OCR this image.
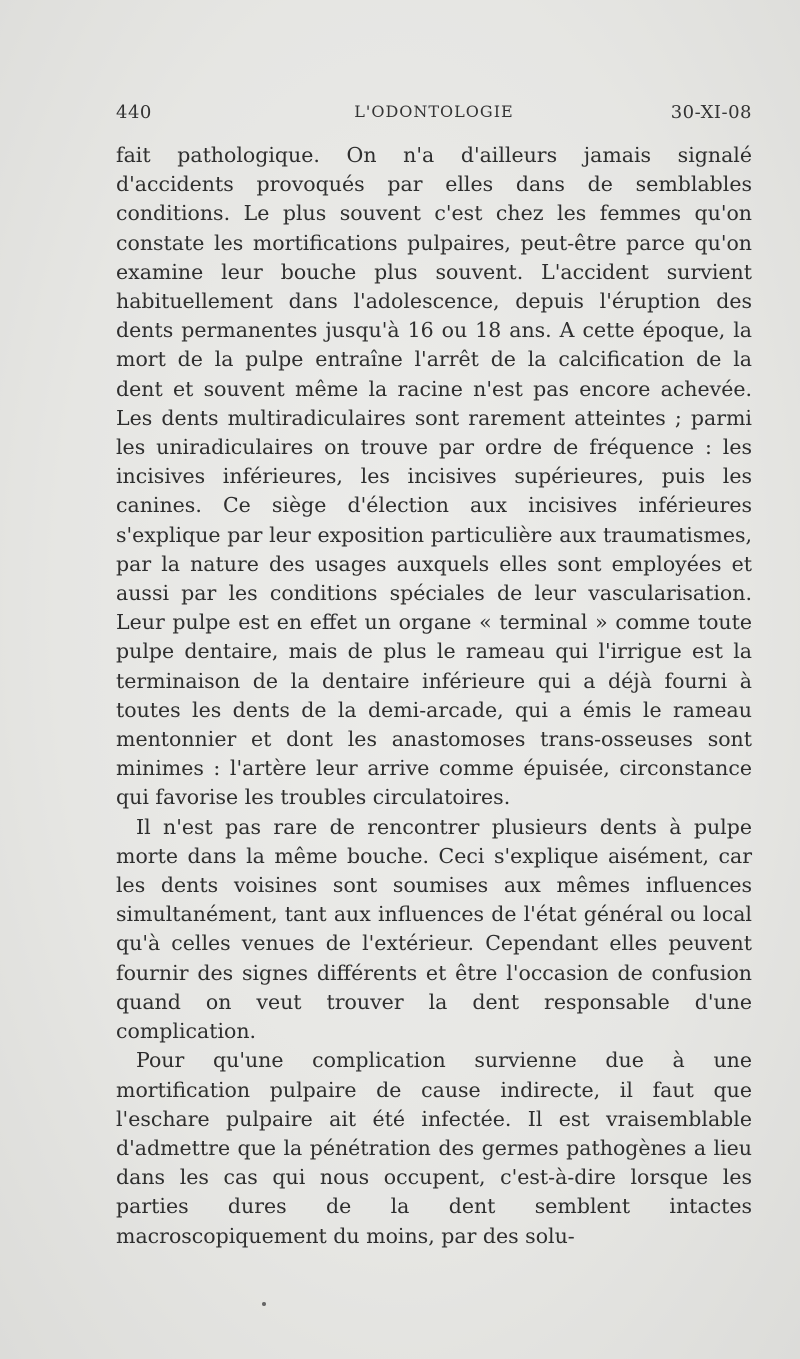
440	L'ODONTOLOGIE	30-XI-08

fait pathologique. On n'a d'ailleurs jamais signalé d'accidents provoqués par elles dans de semblables conditions. Le plus souvent c'est chez les femmes qu'on constate les mortifications pulpaires, peut-être parce qu'on examine leur bouche plus souvent. L'accident survient habituellement dans l'adolescence, depuis l'éruption des dents permanentes jusqu'à 16 ou 18 ans. A cette époque, la mort de la pulpe entraîne l'arrêt de la calcification de la dent et souvent même la racine n'est pas encore achevée. Les dents multiradiculaires sont rarement atteintes ; parmi les uniradiculaires on trouve par ordre de fréquence : les incisives inférieures, les incisives supérieures, puis les canines. Ce siège d'élection aux incisives inférieures s'explique par leur exposition particulière aux traumatismes, par la nature des usages auxquels elles sont employées et aussi par les conditions spéciales de leur vascularisation. Leur pulpe est en effet un organe « terminal » comme toute pulpe dentaire, mais de plus le rameau qui l'irrigue est la terminaison de la dentaire inférieure qui a déjà fourni à toutes les dents de la demi-arcade, qui a émis le rameau mentonnier et dont les anastomoses trans-osseuses sont minimes : l'artère leur arrive comme épuisée, circonstance qui favorise les troubles circulatoires.

Il n'est pas rare de rencontrer plusieurs dents à pulpe morte dans la même bouche. Ceci s'explique aisément, car les dents voisines sont soumises aux mêmes influences simultanément, tant aux influences de l'état général ou local qu'à celles venues de l'extérieur. Cependant elles peuvent fournir des signes différents et être l'occasion de confusion quand on veut trouver la dent responsable d'une complication.

Pour qu'une complication survienne due à une mortification pulpaire de cause indirecte, il faut que l'eschare pulpaire ait été infectée. Il est vraisemblable d'admettre que la pénétration des germes pathogènes a lieu dans les cas qui nous occupent, c'est-à-dire lorsque les parties dures de la dent semblent intactes macroscopiquement du moins, par des solu-
